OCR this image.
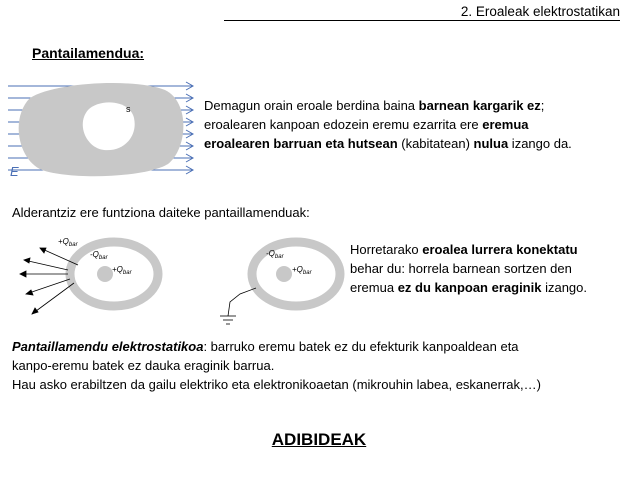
2. Eroaleak elektrostatikan
Pantailamendua:
s
E
Demagun orain eroale berdina baina barnean kargarik ez;
eroalearen kanpoan edozein eremu ezarrita ere eremua
eroalearen barruan eta hutsean (kabitatean) nulua izango da.
Alderantziz ere funtziona daiteke pantaillamenduak:
$+Q_{bar}$
$-Q_{bar}$
$+Q_{bar}$
$-Q_{bar}$
$+Q_{bar}$
Horretarako eroalea lurrera konektatu
behar du: horrela barnean sortzen den
eremua ez du kanpoan eraginik izango.
Pantaillamendu elektrostatikoa: barruko eremu batek ez du efekturik kanpoaldean eta
kanpo-eremu batek ez dauka eraginik barrua.
Hau asko erabiltzen da gailu elektriko eta elektronikoaetan (mikrouhin labea, eskanerrak,…)
ADIBIDEAK
